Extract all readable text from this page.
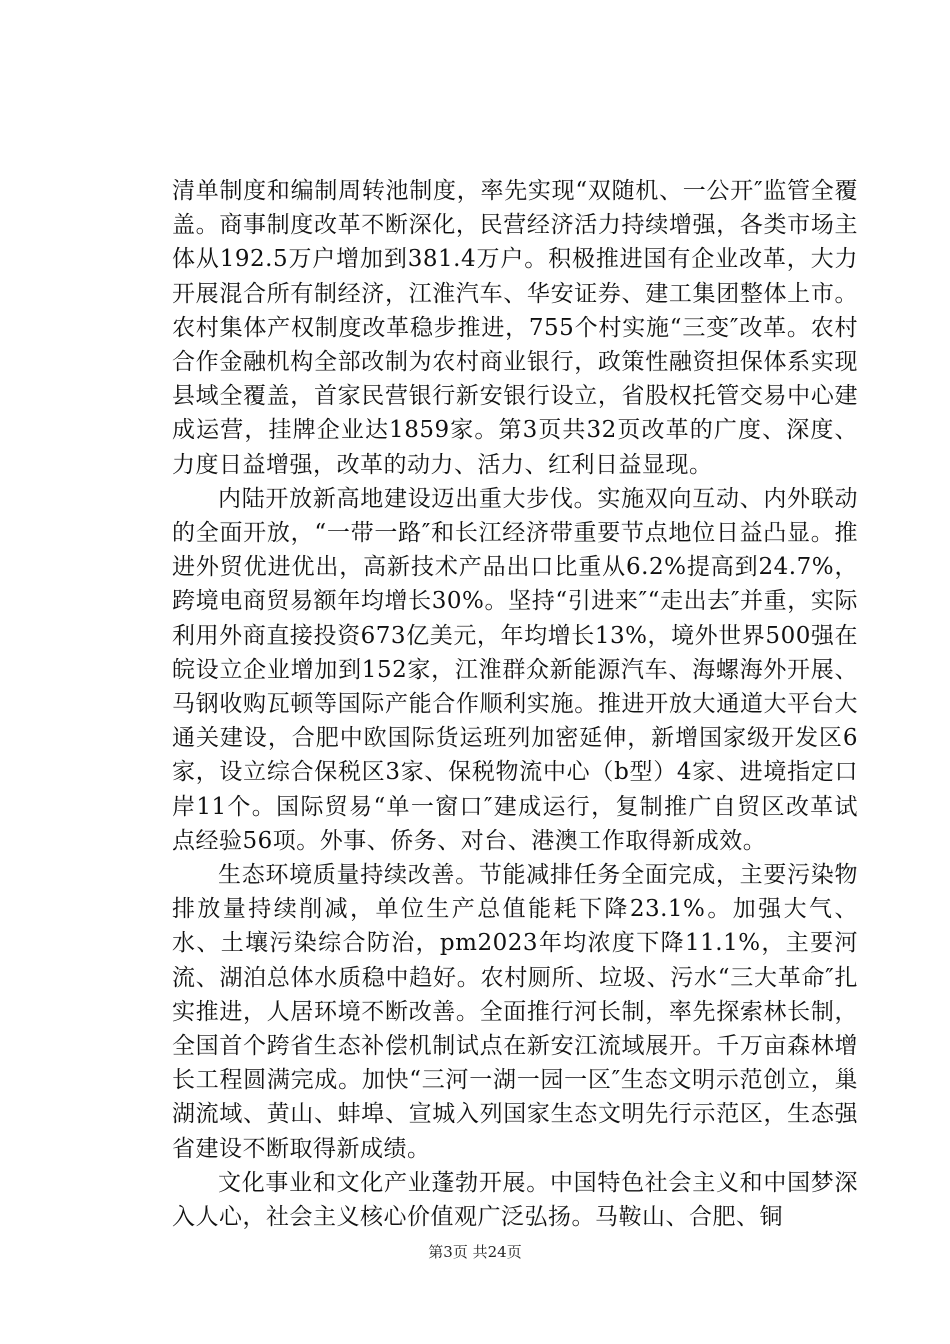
清单制度和编制周转池制度，率先实现“双随机、一公开″监管全覆盖。商事制度改革不断深化，民营经济活力持续增强，各类市场主体从192.5万户增加到381.4万户。积极推进国有企业改革，大力开展混合所有制经济，江淮汽车、华安证券、建工集团整体上市。农村集体产权制度改革稳步推进，755个村实施“三变″改革。农村合作金融机构全部改制为农村商业银行，政策性融资担保体系实现县域全覆盖，首家民营银行新安银行设立，省股权托管交易中心建成运营，挂牌企业达1859家。第3页共32页改革的广度、深度、力度日益增强，改革的动力、活力、红利日益显现。

内陆开放新高地建设迈出重大步伐。实施双向互动、内外联动的全面开放，“一带一路″和长江经济带重要节点地位日益凸显。推进外贸优进优出，高新技术产品出口比重从6.2%提高到24.7%，跨境电商贸易额年均增长30%。坚持“引进来″“走出去″并重，实际利用外商直接投资673亿美元，年均增长13%，境外世界500强在皖设立企业增加到152家，江淮群众新能源汽车、海螺海外开展、马钢收购瓦顿等国际产能合作顺利实施。推进开放大通道大平台大通关建设，合肥中欧国际货运班列加密延伸，新增国家级开发区6家，设立综合保税区3家、保税物流中心（b型）4家、进境指定口岸11个。国际贸易“单一窗口″建成运行，复制推广自贸区改革试点经验56项。外事、侨务、对台、港澳工作取得新成效。

生态环境质量持续改善。节能减排任务全面完成，主要污染物排放量持续削减，单位生产总值能耗下降23.1%。加强大气、水、土壤污染综合防治，pm2023年均浓度下降11.1%，主要河流、湖泊总体水质稳中趋好。农村厕所、垃圾、污水“三大革命″扎实推进，人居环境不断改善。全面推行河长制，率先探索林长制，全国首个跨省生态补偿机制试点在新安江流域展开。千万亩森林增长工程圆满完成。加快“三河一湖一园一区″生态文明示范创立，巢湖流域、黄山、蚌埠、宣城入列国家生态文明先行示范区，生态强省建设不断取得新成绩。

文化事业和文化产业蓬勃开展。中国特色社会主义和中国梦深入人心，社会主义核心价值观广泛弘扬。马鞍山、合肥、铜

第3页 共24页
